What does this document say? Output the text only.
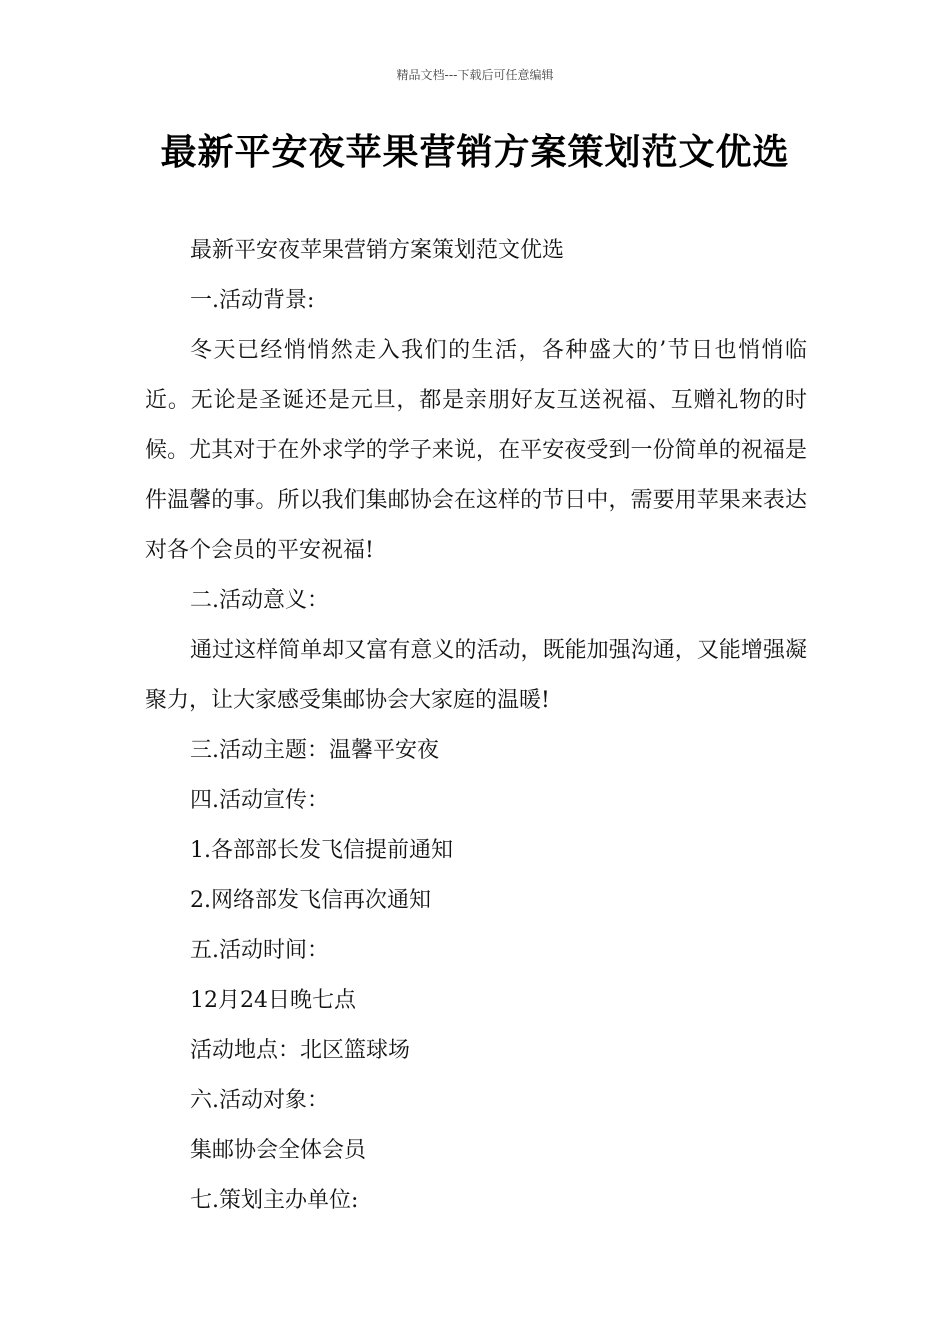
精品文档---下载后可任意编辑
最新平安夜苹果营销方案策划范文优选

最新平安夜苹果营销方案策划范文优选

一.活动背景:

冬天已经悄悄然走入我们的生活，各种盛大的’节日也悄悄临近。无论是圣诞还是元旦，都是亲朋好友互送祝福、互赠礼物的时候。尤其对于在外求学的学子来说，在平安夜受到一份简单的祝福是件温馨的事。所以我们集邮协会在这样的节日中，需要用苹果来表达对各个会员的平安祝福!

二.活动意义：

通过这样简单却又富有意义的活动，既能加强沟通，又能增强凝聚力，让大家感受集邮协会大家庭的温暖!

三.活动主题：温馨平安夜

四.活动宣传：

1.各部部长发飞信提前通知

2.网络部发飞信再次通知

五.活动时间：

12月24日晚七点

活动地点：北区篮球场

六.活动对象：

集邮协会全体会员

七.策划主办单位:
